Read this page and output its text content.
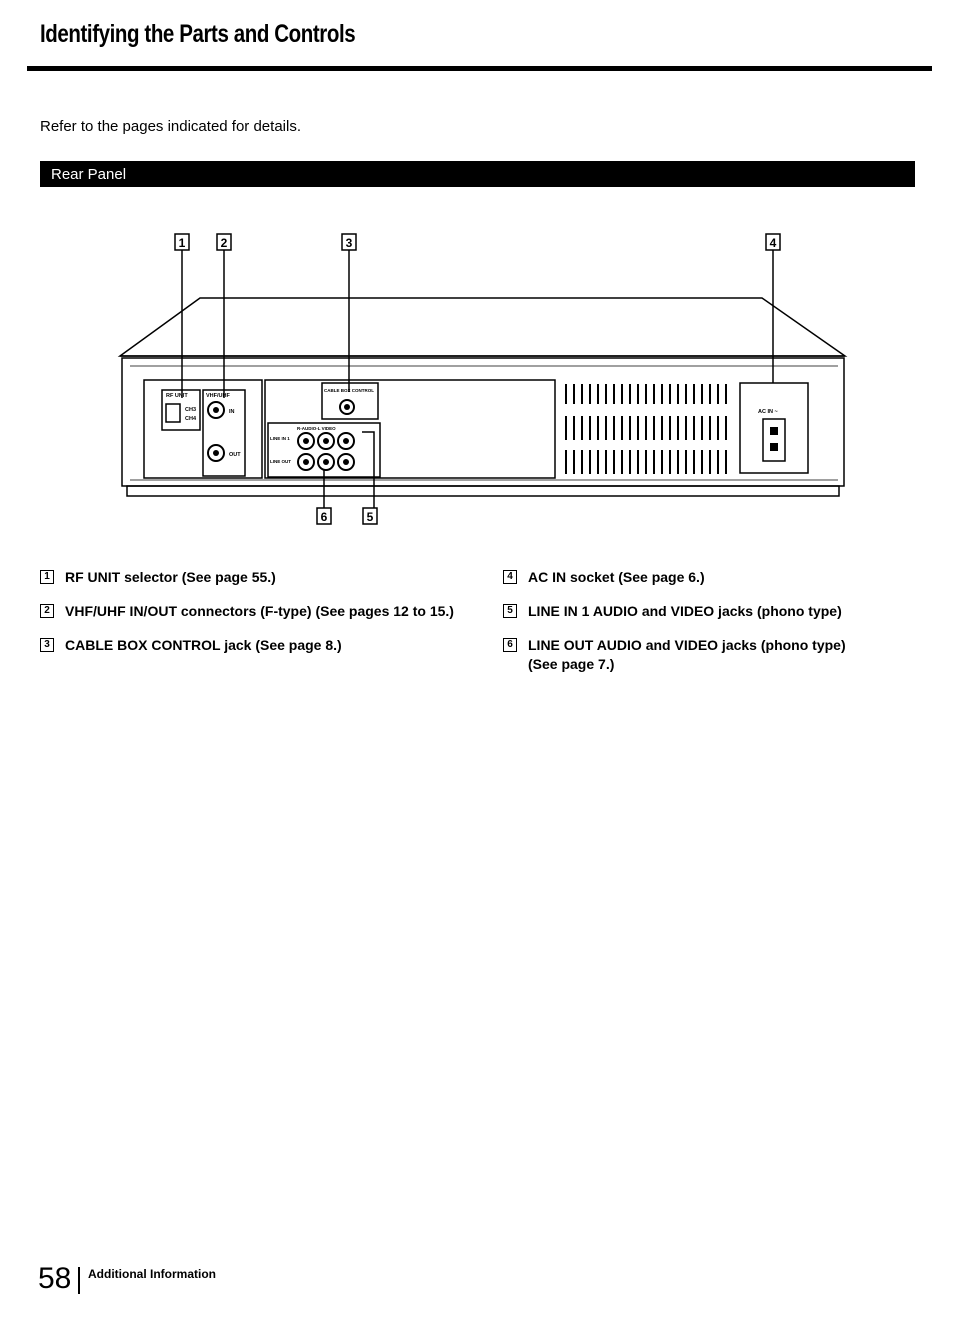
Identifying the Parts and Controls
Refer to the pages indicated for details.
Rear Panel
1	2	3	4
6	5
RF UNIT	VHF/UHF
CH3
CH4
IN
OUT
CABLE BOX CONTROL
R-AUDIO-L VIDEO
LINE IN 1
LINE OUT
AC IN ~
1	RF UNIT selector (See page 55.)
2	VHF/UHF IN/OUT connectors (F-type) (See pages 12 to 15.)
3	CABLE BOX CONTROL jack (See page 8.)
4	AC IN socket (See page 6.)
5	LINE IN 1 AUDIO and VIDEO jacks (phono type)
6	LINE OUT AUDIO and VIDEO jacks (phono type)
(See page 7.)
58 Additional Information
